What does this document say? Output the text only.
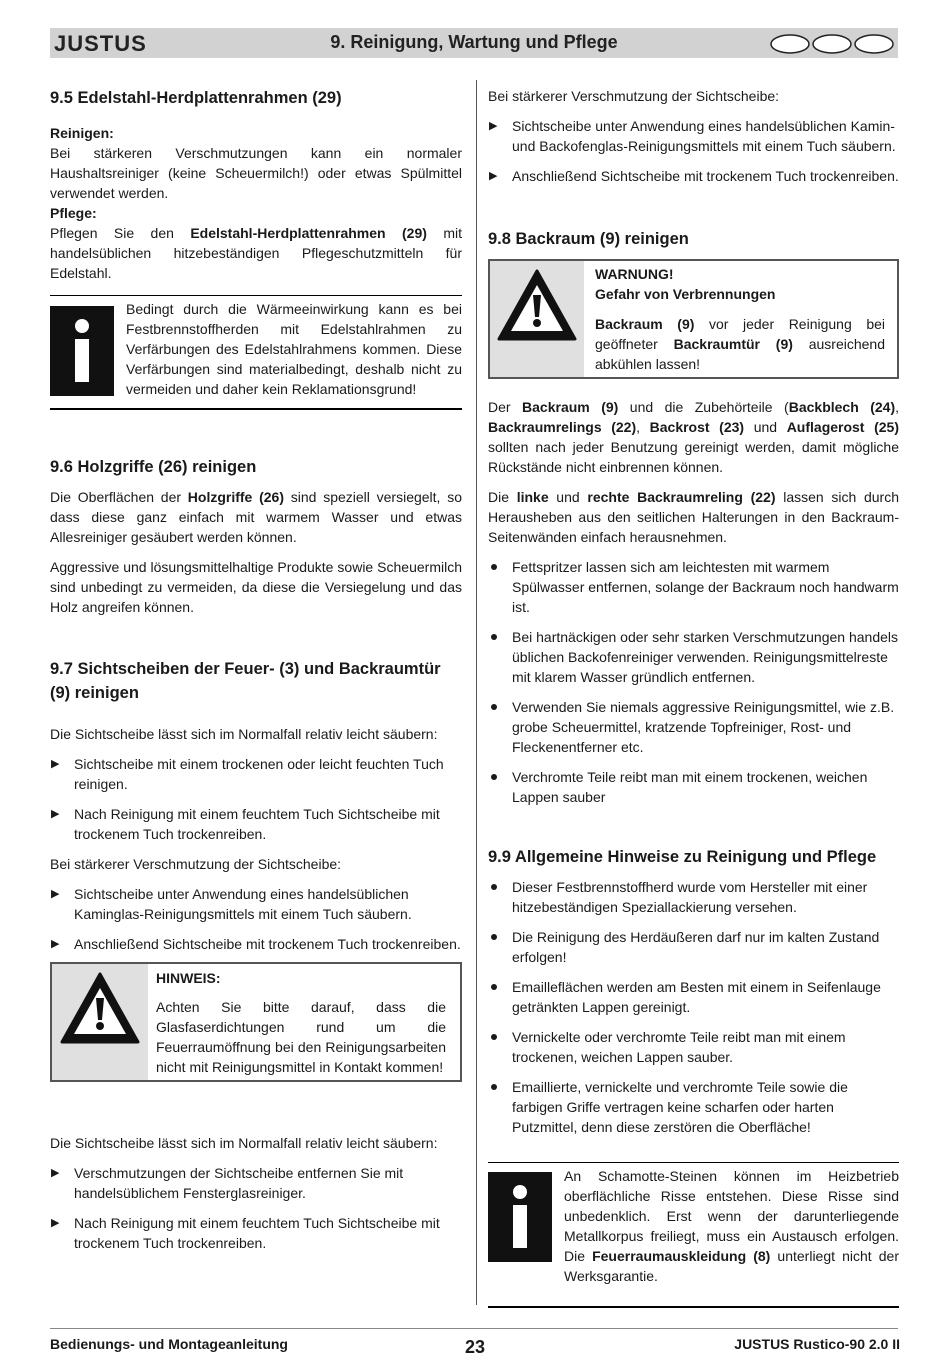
JUSTUS	9. Reinigung, Wartung und Pflege
9.5 Edelstahl-Herdplattenrahmen (29)
Reinigen:

Bei stärkeren Verschmutzungen kann ein normaler Haushaltsreiniger (keine Scheuermilch!) oder etwas Spülmittel verwendet werden.

Pflege:

Pflegen Sie den Edelstahl-Herdplattenrahmen (29) mit handelsüblichen hitzebeständigen Pflegeschutzmitteln für Edelstahl.

Bedingt durch die Wärmeeinwirkung kann es bei Festbrennstoffherden mit Edelstahlrahmen zu Verfärbungen des Edelstahlrahmens kommen. Diese Verfärbungen sind materialbedingt, deshalb nicht zu vermeiden und daher kein Reklamationsgrund!

9.6 Holzgriffe (26) reinigen

Die Oberflächen der Holzgriffe (26) sind speziell versiegelt, so dass diese ganz einfach mit warmem Wasser und etwas Allesreiniger gesäubert werden können.

Aggressive und lösungsmittelhaltige Produkte sowie Scheuermilch sind unbedingt zu vermeiden, da diese die Versiegelung und das Holz angreifen können.

9.7 Sichtscheiben der Feuer- (3) und Backraumtür (9) reinigen

Die Sichtscheibe lässt sich im Normalfall relativ leicht säubern:

▶ Sichtscheibe mit einem trockenen oder leicht feuchten Tuch reinigen.
▶ Nach Reinigung mit einem feuchtem Tuch Sichtscheibe mit trockenem Tuch trockenreiben.

Bei stärkerer Verschmutzung der Sichtscheibe:

▶ Sichtscheibe unter Anwendung eines handelsüblichen Kaminglas-Reinigungsmittels mit einem Tuch säubern.
▶ Anschließend Sichtscheibe mit trockenem Tuch trockenreiben.
HINWEIS:

Achten Sie bitte darauf, dass die Glasfaserdichtungen rund um die Feuerraumöffnung bei den Reinigungsarbeiten nicht mit Reinigungsmittel in Kontakt kommen!

Die Sichtscheibe lässt sich im Normalfall relativ leicht säubern:

▶ Verschmutzungen der Sichtscheibe entfernen Sie mit handelsüblichem Fensterglasreiniger.
▶ Nach Reinigung mit einem feuchtem Tuch Sichtscheibe mit trockenem Tuch trockenreiben.

Bei stärkerer Verschmutzung der Sichtscheibe:

▶ Sichtscheibe unter Anwendung eines handelsüblichen Kamin- und Backofenglas-Reinigungsmittels mit einem Tuch säubern.
▶ Anschließend Sichtscheibe mit trockenem Tuch trockenreiben.
9.8 Backraum (9) reinigen
WARNUNG!
Gefahr von Verbrennungen

Backraum (9) vor jeder Reinigung bei geöffneter Backraumtür (9) ausreichend abkühlen lassen!

Der Backraum (9) und die Zubehörteile (Backblech (24), Backraumrelings (22), Backrost (23) und Auflagerost (25) sollten nach jeder Benutzung gereinigt werden, damit mögliche Rückstände nicht einbrennen können.

Die linke und rechte Backraumreling (22) lassen sich durch Herausheben aus den seitlichen Halterungen in den Backraum-Seitenwänden einfach herausnehmen.

Fettspritzer lassen sich am leichtesten mit warmem Spülwasser entfernen, solange der Backraum noch handwarm ist.
Bei hartnäckigen oder sehr starken Verschmutzungen handels üblichen Backofenreiniger verwenden. Reinigungsmittelreste mit klarem Wasser gründlich entfernen.
Verwenden Sie niemals aggressive Reinigungsmittel, wie z.B. grobe Scheuermittel, kratzende Topfreiniger, Rost- und Fleckenentferner etc.
Verchromte Teile reibt man mit einem trockenen, weichen Lappen sauber
9.9 Allgemeine Hinweise zu Reinigung und Pflege
Dieser Festbrennstoffherd wurde vom Hersteller mit einer hitzebeständigen Speziallackierung versehen.
Die Reinigung des Herdäußeren darf nur im kalten Zustand erfolgen!
Emailleflächen werden am Besten mit einem in Seifenlauge getränkten Lappen gereinigt.
Vernickelte oder verchromte Teile reibt man mit einem trockenen, weichen Lappen sauber.
Emaillierte, vernickelte und verchromte Teile sowie die farbigen Griffe vertragen keine scharfen oder harten Putzmittel, denn diese zerstören die Oberfläche!

An Schamotte-Steinen können im Heizbetrieb oberflächliche Risse entstehen. Diese Risse sind unbedenklich. Erst wenn der darunterliegende Metallkorpus freiliegt, muss ein Austausch erfolgen. Die Feuerraumauskleidung (8) unterliegt nicht der Werksgarantie.

Bedienungs- und Montageanleitung	23	JUSTUS Rustico-90 2.0 II
